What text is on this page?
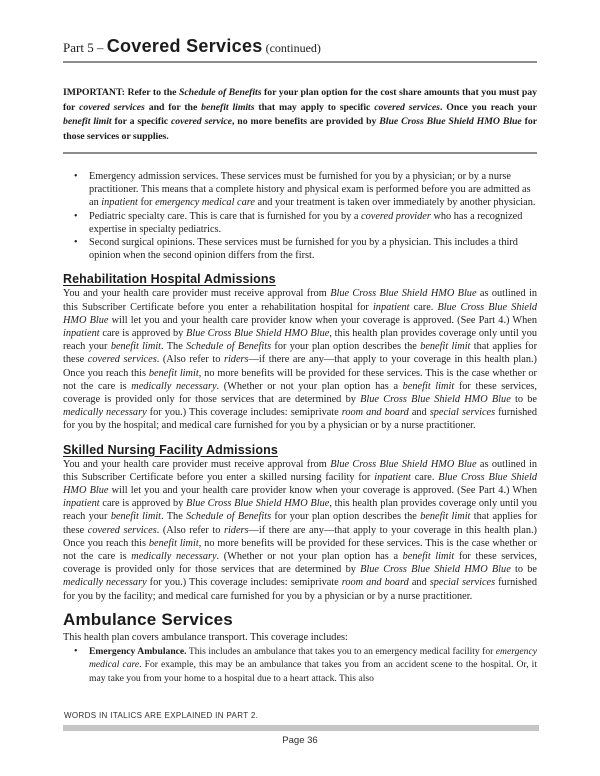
Part 5 – Covered Services (continued)

IMPORTANT: Refer to the Schedule of Benefits for your plan option for the cost share amounts that you must pay for covered services and for the benefit limits that may apply to specific covered services. Once you reach your benefit limit for a specific covered service, no more benefits are provided by Blue Cross Blue Shield HMO Blue for those services or supplies.

•	Emergency admission services. These services must be furnished for you by a physician; or by a nurse practitioner. This means that a complete history and physical exam is performed before you are admitted as an inpatient for emergency medical care and your treatment is taken over immediately by another physician.
•	Pediatric specialty care. This is care that is furnished for you by a covered provider who has a recognized expertise in specialty pediatrics.
•	Second surgical opinions. These services must be furnished for you by a physician. This includes a third opinion when the second opinion differs from the first.
Rehabilitation Hospital Admissions

You and your health care provider must receive approval from Blue Cross Blue Shield HMO Blue as outlined in this Subscriber Certificate before you enter a rehabilitation hospital for inpatient care. Blue Cross Blue Shield HMO Blue will let you and your health care provider know when your coverage is approved. (See Part 4.) When inpatient care is approved by Blue Cross Blue Shield HMO Blue, this health plan provides coverage only until you reach your benefit limit. The Schedule of Benefits for your plan option describes the benefit limit that applies for these covered services. (Also refer to riders—if there are any—that apply to your coverage in this health plan.) Once you reach this benefit limit, no more benefits will be provided for these services. This is the case whether or not the care is medically necessary. (Whether or not your plan option has a benefit limit for these services, coverage is provided only for those services that are determined by Blue Cross Blue Shield HMO Blue to be medically necessary for you.) This coverage includes: semiprivate room and board and special services furnished for you by the hospital; and medical care furnished for you by a physician or by a nurse practitioner.

Skilled Nursing Facility Admissions

You and your health care provider must receive approval from Blue Cross Blue Shield HMO Blue as outlined in this Subscriber Certificate before you enter a skilled nursing facility for inpatient care. Blue Cross Blue Shield HMO Blue will let you and your health care provider know when your coverage is approved. (See Part 4.) When inpatient care is approved by Blue Cross Blue Shield HMO Blue, this health plan provides coverage only until you reach your benefit limit. The Schedule of Benefits for your plan option describes the benefit limit that applies for these covered services. (Also refer to riders—if there are any—that apply to your coverage in this health plan.) Once you reach this benefit limit, no more benefits will be provided for these services. This is the case whether or not the care is medically necessary. (Whether or not your plan option has a benefit limit for these services, coverage is provided only for those services that are determined by Blue Cross Blue Shield HMO Blue to be medically necessary for you.) This coverage includes: semiprivate room and board and special services furnished for you by the facility; and medical care furnished for you by a physician or by a nurse practitioner.

Ambulance Services

This health plan covers ambulance transport. This coverage includes:

•	Emergency Ambulance. This includes an ambulance that takes you to an emergency medical facility for emergency medical care. For example, this may be an ambulance that takes you from an accident scene to the hospital. Or, it may take you from your home to a hospital due to a heart attack. This also
WORDS IN ITALICS ARE EXPLAINED IN PART 2.
Page 36
